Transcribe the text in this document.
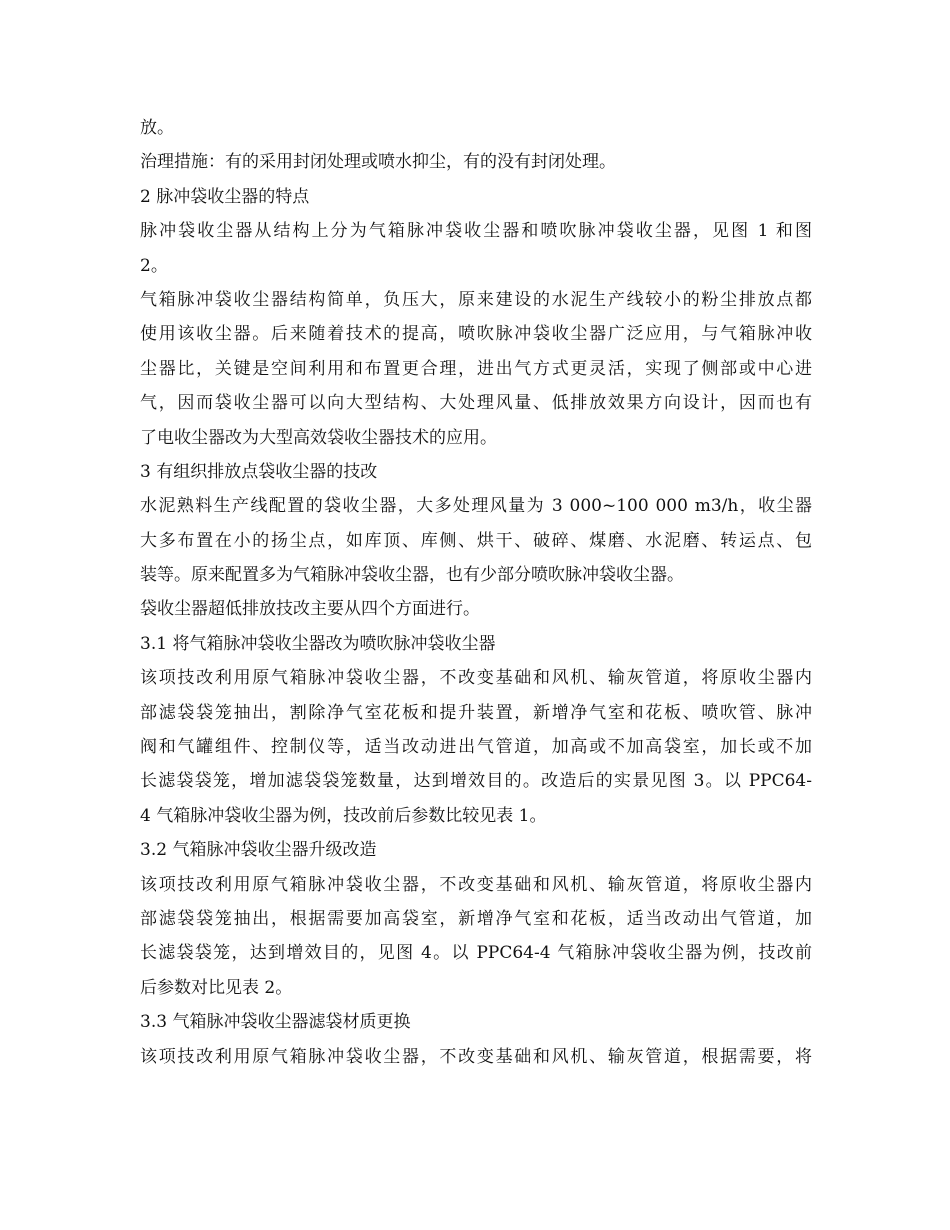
放。
治理措施：有的采用封闭处理或喷水抑尘，有的没有封闭处理。
2 脉冲袋收尘器的特点
脉冲袋收尘器从结构上分为气箱脉冲袋收尘器和喷吹脉冲袋收尘器，见图 1 和图
2。
气箱脉冲袋收尘器结构简单，负压大，原来建设的水泥生产线较小的粉尘排放点都
使用该收尘器。后来随着技术的提高，喷吹脉冲袋收尘器广泛应用，与气箱脉冲收
尘器比，关键是空间利用和布置更合理，进出气方式更灵活，实现了侧部或中心进
气，因而袋收尘器可以向大型结构、大处理风量、低排放效果方向设计，因而也有
了电收尘器改为大型高效袋收尘器技术的应用。
3 有组织排放点袋收尘器的技改
水泥熟料生产线配置的袋收尘器，大多处理风量为 3 000~100 000 m3/h，收尘器
大多布置在小的扬尘点，如库顶、库侧、烘干、破碎、煤磨、水泥磨、转运点、包
装等。原来配置多为气箱脉冲袋收尘器，也有少部分喷吹脉冲袋收尘器。
袋收尘器超低排放技改主要从四个方面进行。
3.1 将气箱脉冲袋收尘器改为喷吹脉冲袋收尘器
该项技改利用原气箱脉冲袋收尘器，不改变基础和风机、输灰管道，将原收尘器内
部滤袋袋笼抽出，割除净气室花板和提升装置，新增净气室和花板、喷吹管、脉冲
阀和气罐组件、控制仪等，适当改动进出气管道，加高或不加高袋室，加长或不加
长滤袋袋笼，增加滤袋袋笼数量，达到增效目的。改造后的实景见图 3。以 PPC64-
4 气箱脉冲袋收尘器为例，技改前后参数比较见表 1。
3.2 气箱脉冲袋收尘器升级改造
该项技改利用原气箱脉冲袋收尘器，不改变基础和风机、输灰管道，将原收尘器内
部滤袋袋笼抽出，根据需要加高袋室，新增净气室和花板，适当改动出气管道，加
长滤袋袋笼，达到增效目的，见图 4。以 PPC64-4 气箱脉冲袋收尘器为例，技改前
后参数对比见表 2。
3.3 气箱脉冲袋收尘器滤袋材质更换
该项技改利用原气箱脉冲袋收尘器，不改变基础和风机、输灰管道，根据需要，将
